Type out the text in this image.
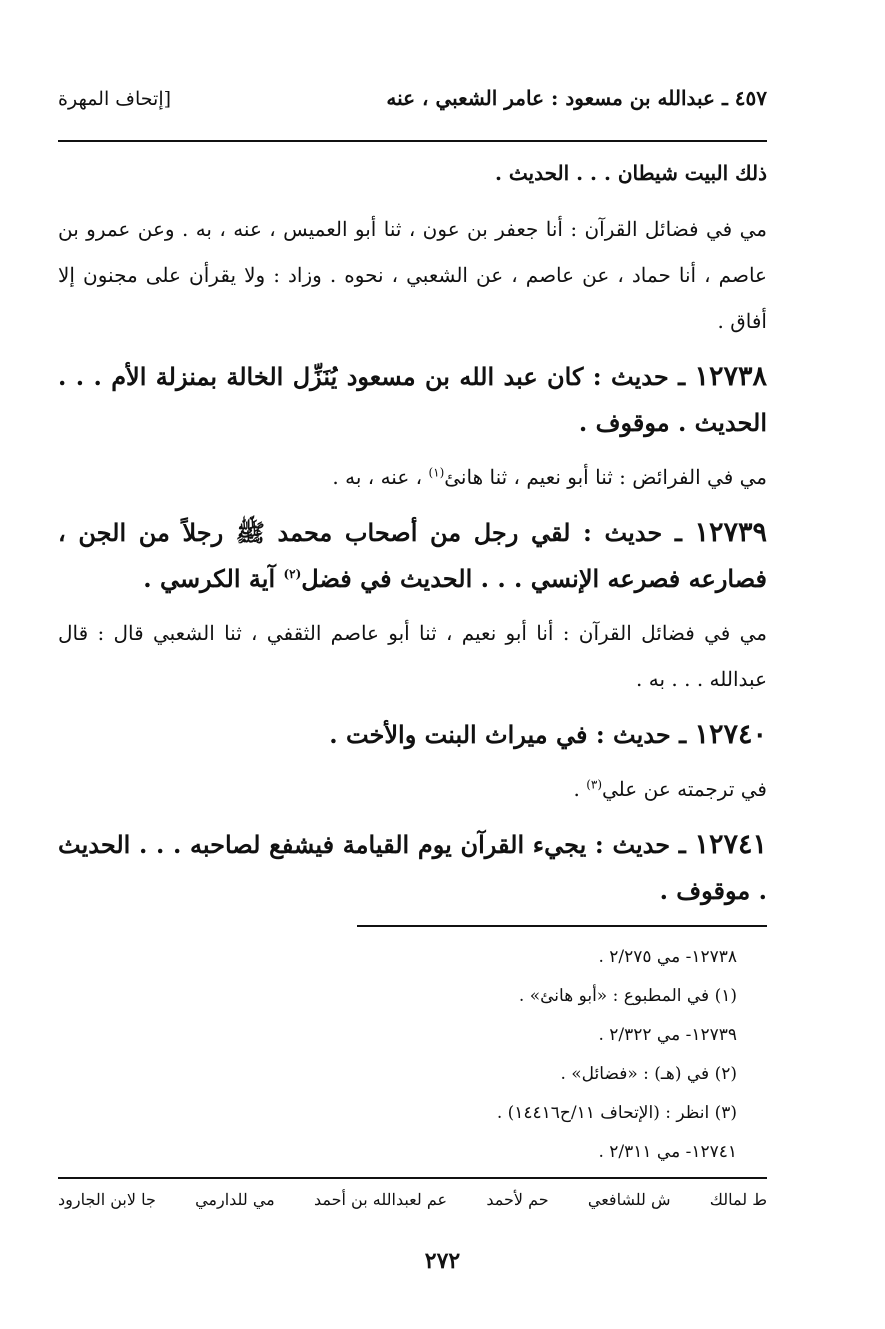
٤٥٧ ـ عبدالله بن مسعود : عامر الشعبي ، عنه
[إتحاف المهرة

ذلك البيت شيطان . . . الحديث .

مي في فضائل القرآن : أنا جعفر بن عون ، ثنا أبو العميس ، عنه ، به . وعن عمرو بن عاصم ، أنا حماد ، عن عاصم ، عن الشعبي ، نحوه . وزاد : ولا يقرأن على مجنون إلا أفاق .

١٢٧٣٨ ـ حديث : كان عبد الله بن مسعود يُنَزِّل الخالة بمنزلة الأم . . . الحديث . موقوف .

مي في الفرائض : ثنا أبو نعيم ، ثنا هانئ$^{(١)}$ ، عنه ، به .

١٢٧٣٩ ـ حديث : لقي رجل من أصحاب محمد ﷺ رجلاً من الجن ، فصارعه فصرعه الإنسي . . . الحديث في فضل$^{(٢)}$ آية الكرسي .

مي في فضائل القرآن : أنا أبو نعيم ، ثنا أبو عاصم الثقفي ، ثنا الشعبي قال : قال عبدالله . . . به .

١٢٧٤٠ ـ حديث : في ميراث البنت والأخت .

في ترجمته عن علي$^{(٣)}$ .

١٢٧٤١ ـ حديث : يجيء القرآن يوم القيامة فيشفع لصاحبه . . . الحديث . موقوف .

١٢٧٣٨- مي ٢/٢٧٥ .
(١) في المطبوع : «أبو هانئ» .
١٢٧٣٩- مي ٢/٣٢٢ .
(٢) في (هـ) : «فضائل» .
(٣) انظر : (الإتحاف ١١/ح١٤٤١٦) .
١٢٧٤١- مي ٢/٣١١ .
ط لمالك
ش للشافعي
حم لأحمد
عم لعبدالله بن أحمد
مي للدارمي
جا لابن الجارود
٢٧٢
